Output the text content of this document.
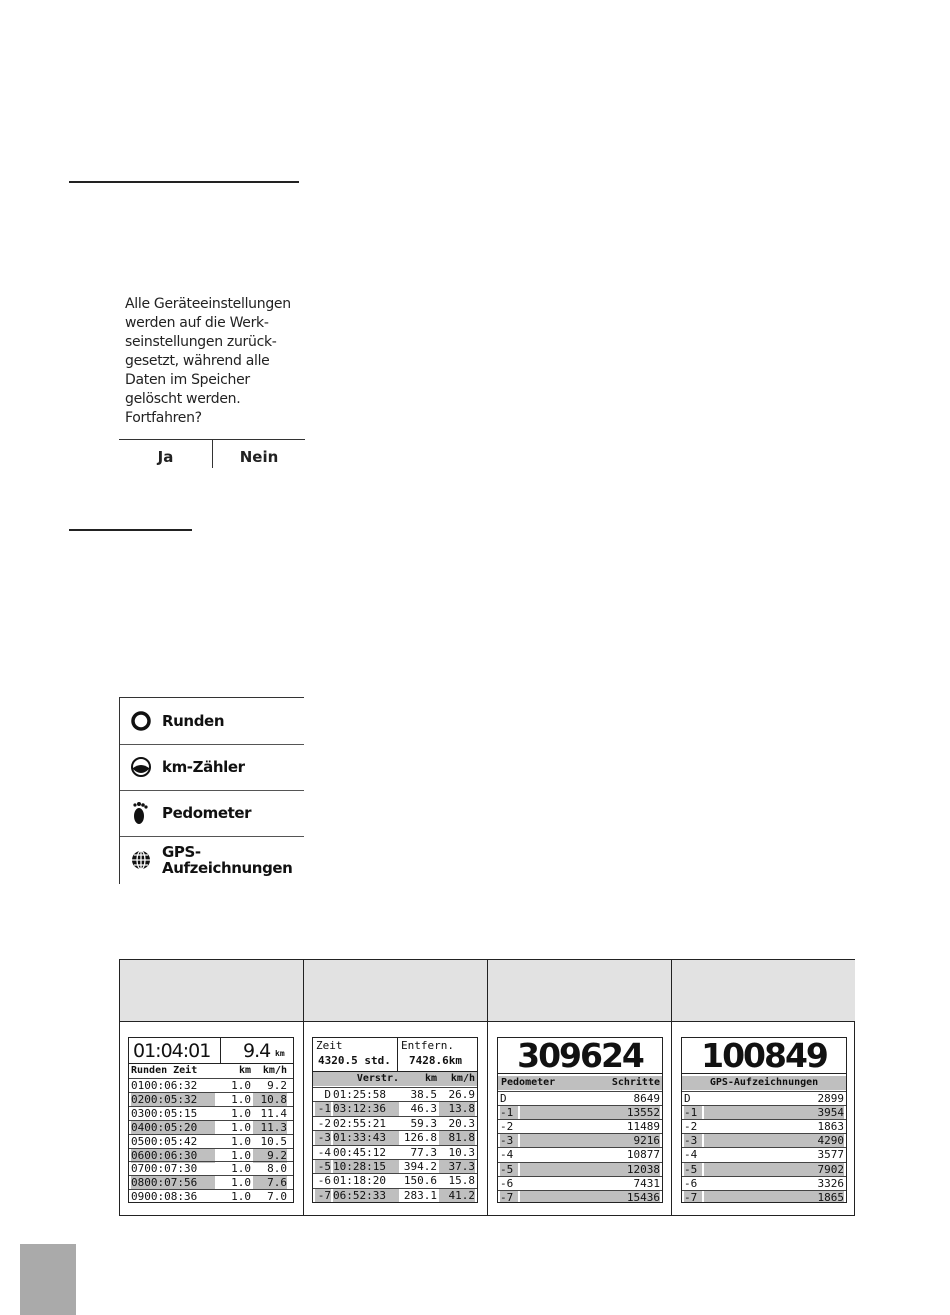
Alle Geräteeinstellungen
werden auf die Werk-
seinstellungen zurück-
gesetzt, während alle
Daten im Speicher
gelöscht werden.
Fortfahren?
Ja	Nein
Runden
km-Zähler
Pedometer
GPS-
Aufzeichnungen
01:04:01 9.4 km
Runden Zeit	km	km/h
0100:06:32	1.0	9.2
0200:05:32	1.0 10.8
0300:05:15	1.0 11.4
0400:05:20	1.0 11.3
0500:05:42	1.0 10.5
0600:06:30	1.0	9.2
0700:07:30	1.0	8.0
0800:07:56	1.0	7.6
0900:08:36	1.0	7.0
Zeit
4320.5 std.
Entfern.
7428.6km
Verstr.	km	km/h
D 01:25:58	38.5	26.9
-1 03:12:36	46.3	13.8
-2 02:55:21	59.3	20.3
-3 01:33:43	126.8	81.8
-4 00:45:12	77.3	10.3
-5 10:28:15	394.2	37.3
-6 01:18:20	150.6	15.8
-7 06:52:33	283.1	41.2
309624
Pedometer	Schritte
D	8649
-1	13552
-2	11489
-3	9216
-4	10877
-5	12038
-6	7431
-7	15436
100849
GPS-Aufzeichnungen
D	2899
-1	3954
-2	1863
-3	4290
-4	3577
-5	7902
-6	3326
-7	1865
